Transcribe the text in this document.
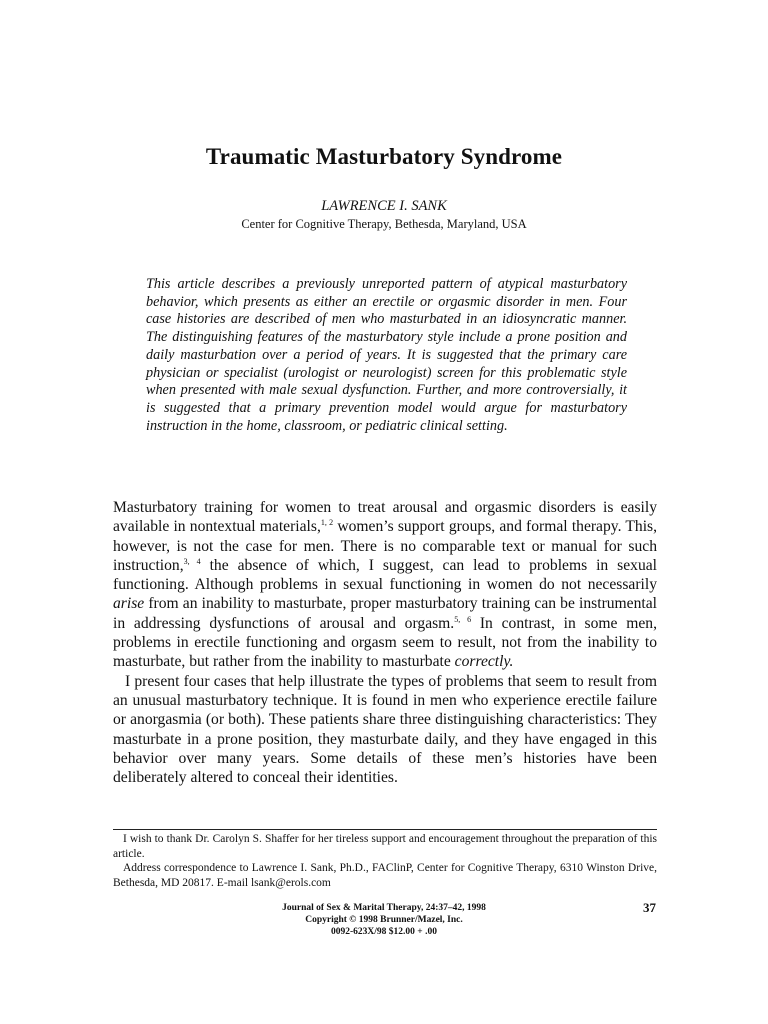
Traumatic Masturbatory Syndrome
LAWRENCE I. SANK
Center for Cognitive Therapy, Bethesda, Maryland, USA

This article describes a previously unreported pattern of atypical masturbatory behavior, which presents as either an erectile or orgasmic disorder in men. Four case histories are described of men who masturbated in an idiosyncratic manner. The distinguishing features of the masturbatory style include a prone position and daily masturbation over a period of years. It is suggested that the primary care physician or specialist (urologist or neurologist) screen for this problematic style when presented with male sexual dysfunction. Further, and more controversially, it is suggested that a primary prevention model would argue for masturbatory instruction in the home, classroom, or pediatric clinical setting.

Masturbatory training for women to treat arousal and orgasmic disorders is easily available in nontextual materials,$^{1, 2}$ women’s support groups, and formal therapy. This, however, is not the case for men. There is no comparable text or manual for such instruction,$^{3, 4}$ the absence of which, I suggest, can lead to problems in sexual functioning. Although problems in sexual functioning in women do not necessarily arise from an inability to masturbate, proper masturbatory training can be instrumental in addressing dysfunctions of arousal and orgasm.$^{5, 6}$ In contrast, in some men, problems in erectile functioning and orgasm seem to result, not from the inability to masturbate, but rather from the inability to masturbate correctly.

I present four cases that help illustrate the types of problems that seem to result from an unusual masturbatory technique. It is found in men who experience erectile failure or anorgasmia (or both). These patients share three distinguishing characteristics: They masturbate in a prone position, they masturbate daily, and they have engaged in this behavior over many years. Some details of these men’s histories have been deliberately altered to conceal their identities.

I wish to thank Dr. Carolyn S. Shaffer for her tireless support and encouragement throughout the preparation of this article.

Address correspondence to Lawrence I. Sank, Ph.D., FAClinP, Center for Cognitive Therapy, 6310 Winston Drive, Bethesda, MD 20817. E-mail lsank@erols.com

Journal of Sex & Marital Therapy, 24:37–42, 1998
Copyright © 1998 Brunner/Mazel, Inc.
0092-623X/98 $12.00 + .00
37
